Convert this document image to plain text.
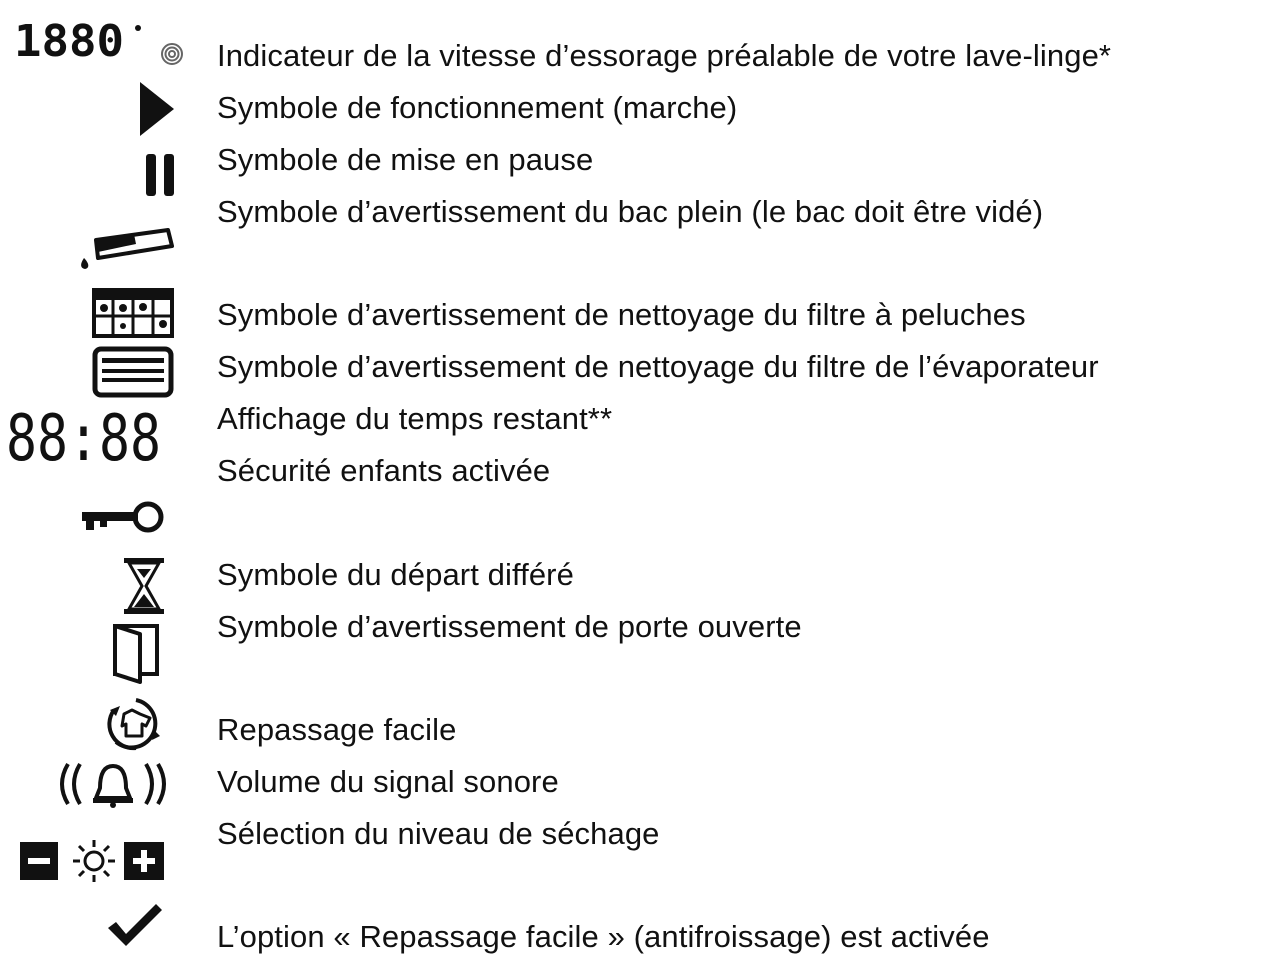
1880
88:88
Indicateur de la vitesse d’essorage préalable de votre lave-linge*
Symbole de fonctionnement (marche)
Symbole de mise en pause
Symbole d’avertissement du bac plein (le bac doit être vidé)
Symbole d’avertissement de nettoyage du filtre à peluches
Symbole d’avertissement de nettoyage du filtre de l’évaporateur
Affichage du temps restant**
Sécurité enfants activée
Symbole du départ différé
Symbole d’avertissement de porte ouverte
Repassage facile
Volume du signal sonore
Sélection du niveau de séchage
L’option « Repassage facile » (antifroissage) est activée
